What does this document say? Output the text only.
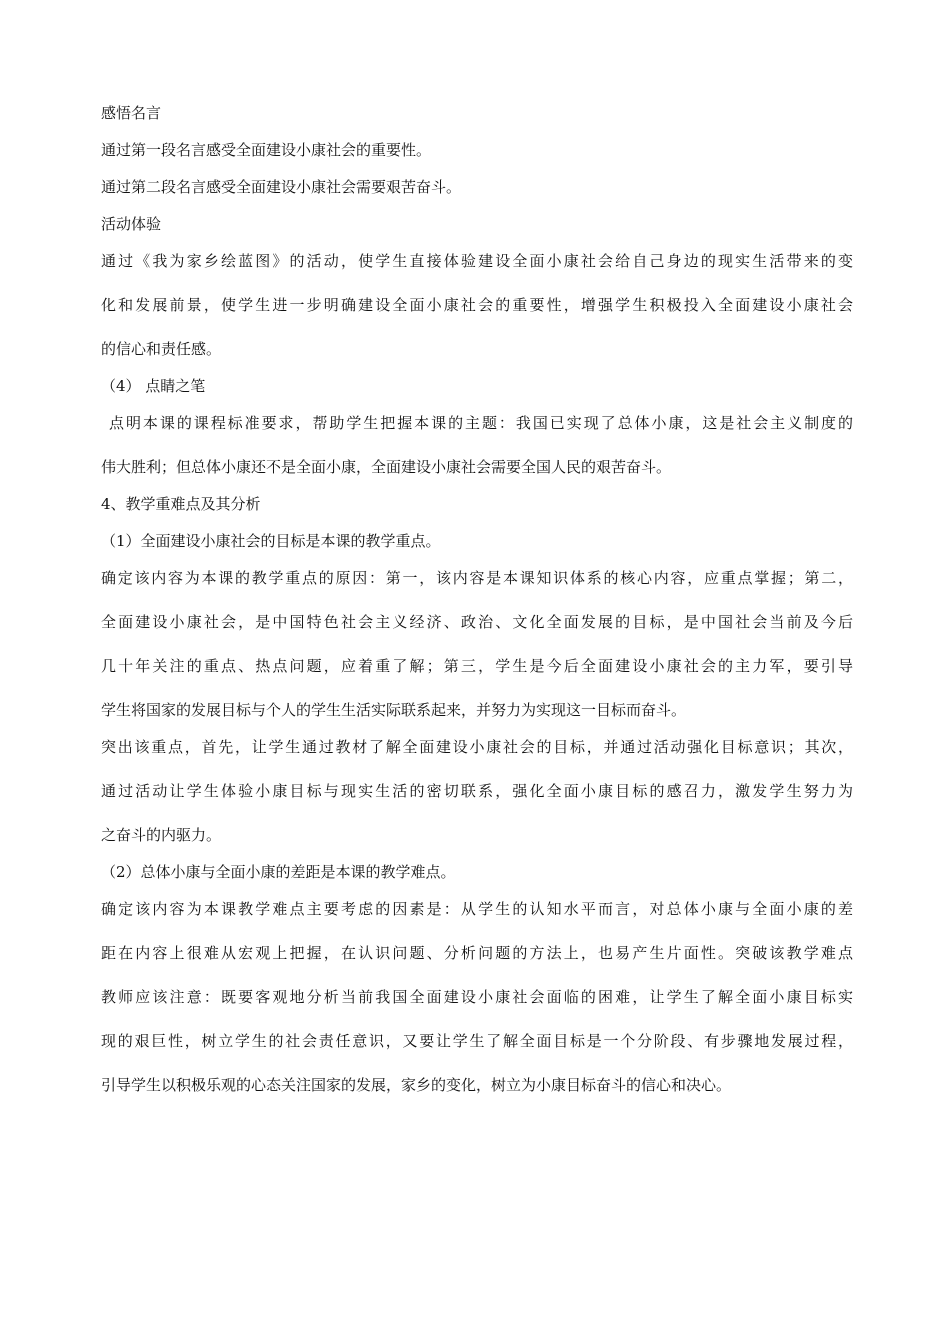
感悟名言

通过第一段名言感受全面建设小康社会的重要性。

通过第二段名言感受全面建设小康社会需要艰苦奋斗。

活动体验

通过《我为家乡绘蓝图》的活动，使学生直接体验建设全面小康社会给自己身边的现实生活带来的变

化和发展前景，使学生进一步明确建设全面小康社会的重要性，增强学生积极投入全面建设小康社会

的信心和责任感。

（4） 点睛之笔

点明本课的课程标准要求，帮助学生把握本课的主题：我国已实现了总体小康，这是社会主义制度的

伟大胜利；但总体小康还不是全面小康，全面建设小康社会需要全国人民的艰苦奋斗。

4、教学重难点及其分析

（1）全面建设小康社会的目标是本课的教学重点。

确定该内容为本课的教学重点的原因：第一，该内容是本课知识体系的核心内容，应重点掌握；第二，

全面建设小康社会，是中国特色社会主义经济、政治、文化全面发展的目标，是中国社会当前及今后

几十年关注的重点、热点问题，应着重了解；第三，学生是今后全面建设小康社会的主力军，要引导

学生将国家的发展目标与个人的学生生活实际联系起来，并努力为实现这一目标而奋斗。

突出该重点，首先，让学生通过教材了解全面建设小康社会的目标，并通过活动强化目标意识；其次，

通过活动让学生体验小康目标与现实生活的密切联系，强化全面小康目标的感召力，激发学生努力为

之奋斗的内驱力。

（2）总体小康与全面小康的差距是本课的教学难点。

确定该内容为本课教学难点主要考虑的因素是：从学生的认知水平而言，对总体小康与全面小康的差

距在内容上很难从宏观上把握，在认识问题、分析问题的方法上，也易产生片面性。突破该教学难点

教师应该注意：既要客观地分析当前我国全面建设小康社会面临的困难，让学生了解全面小康目标实

现的艰巨性，树立学生的社会责任意识，又要让学生了解全面目标是一个分阶段、有步骤地发展过程，

引导学生以积极乐观的心态关注国家的发展，家乡的变化，树立为小康目标奋斗的信心和决心。
